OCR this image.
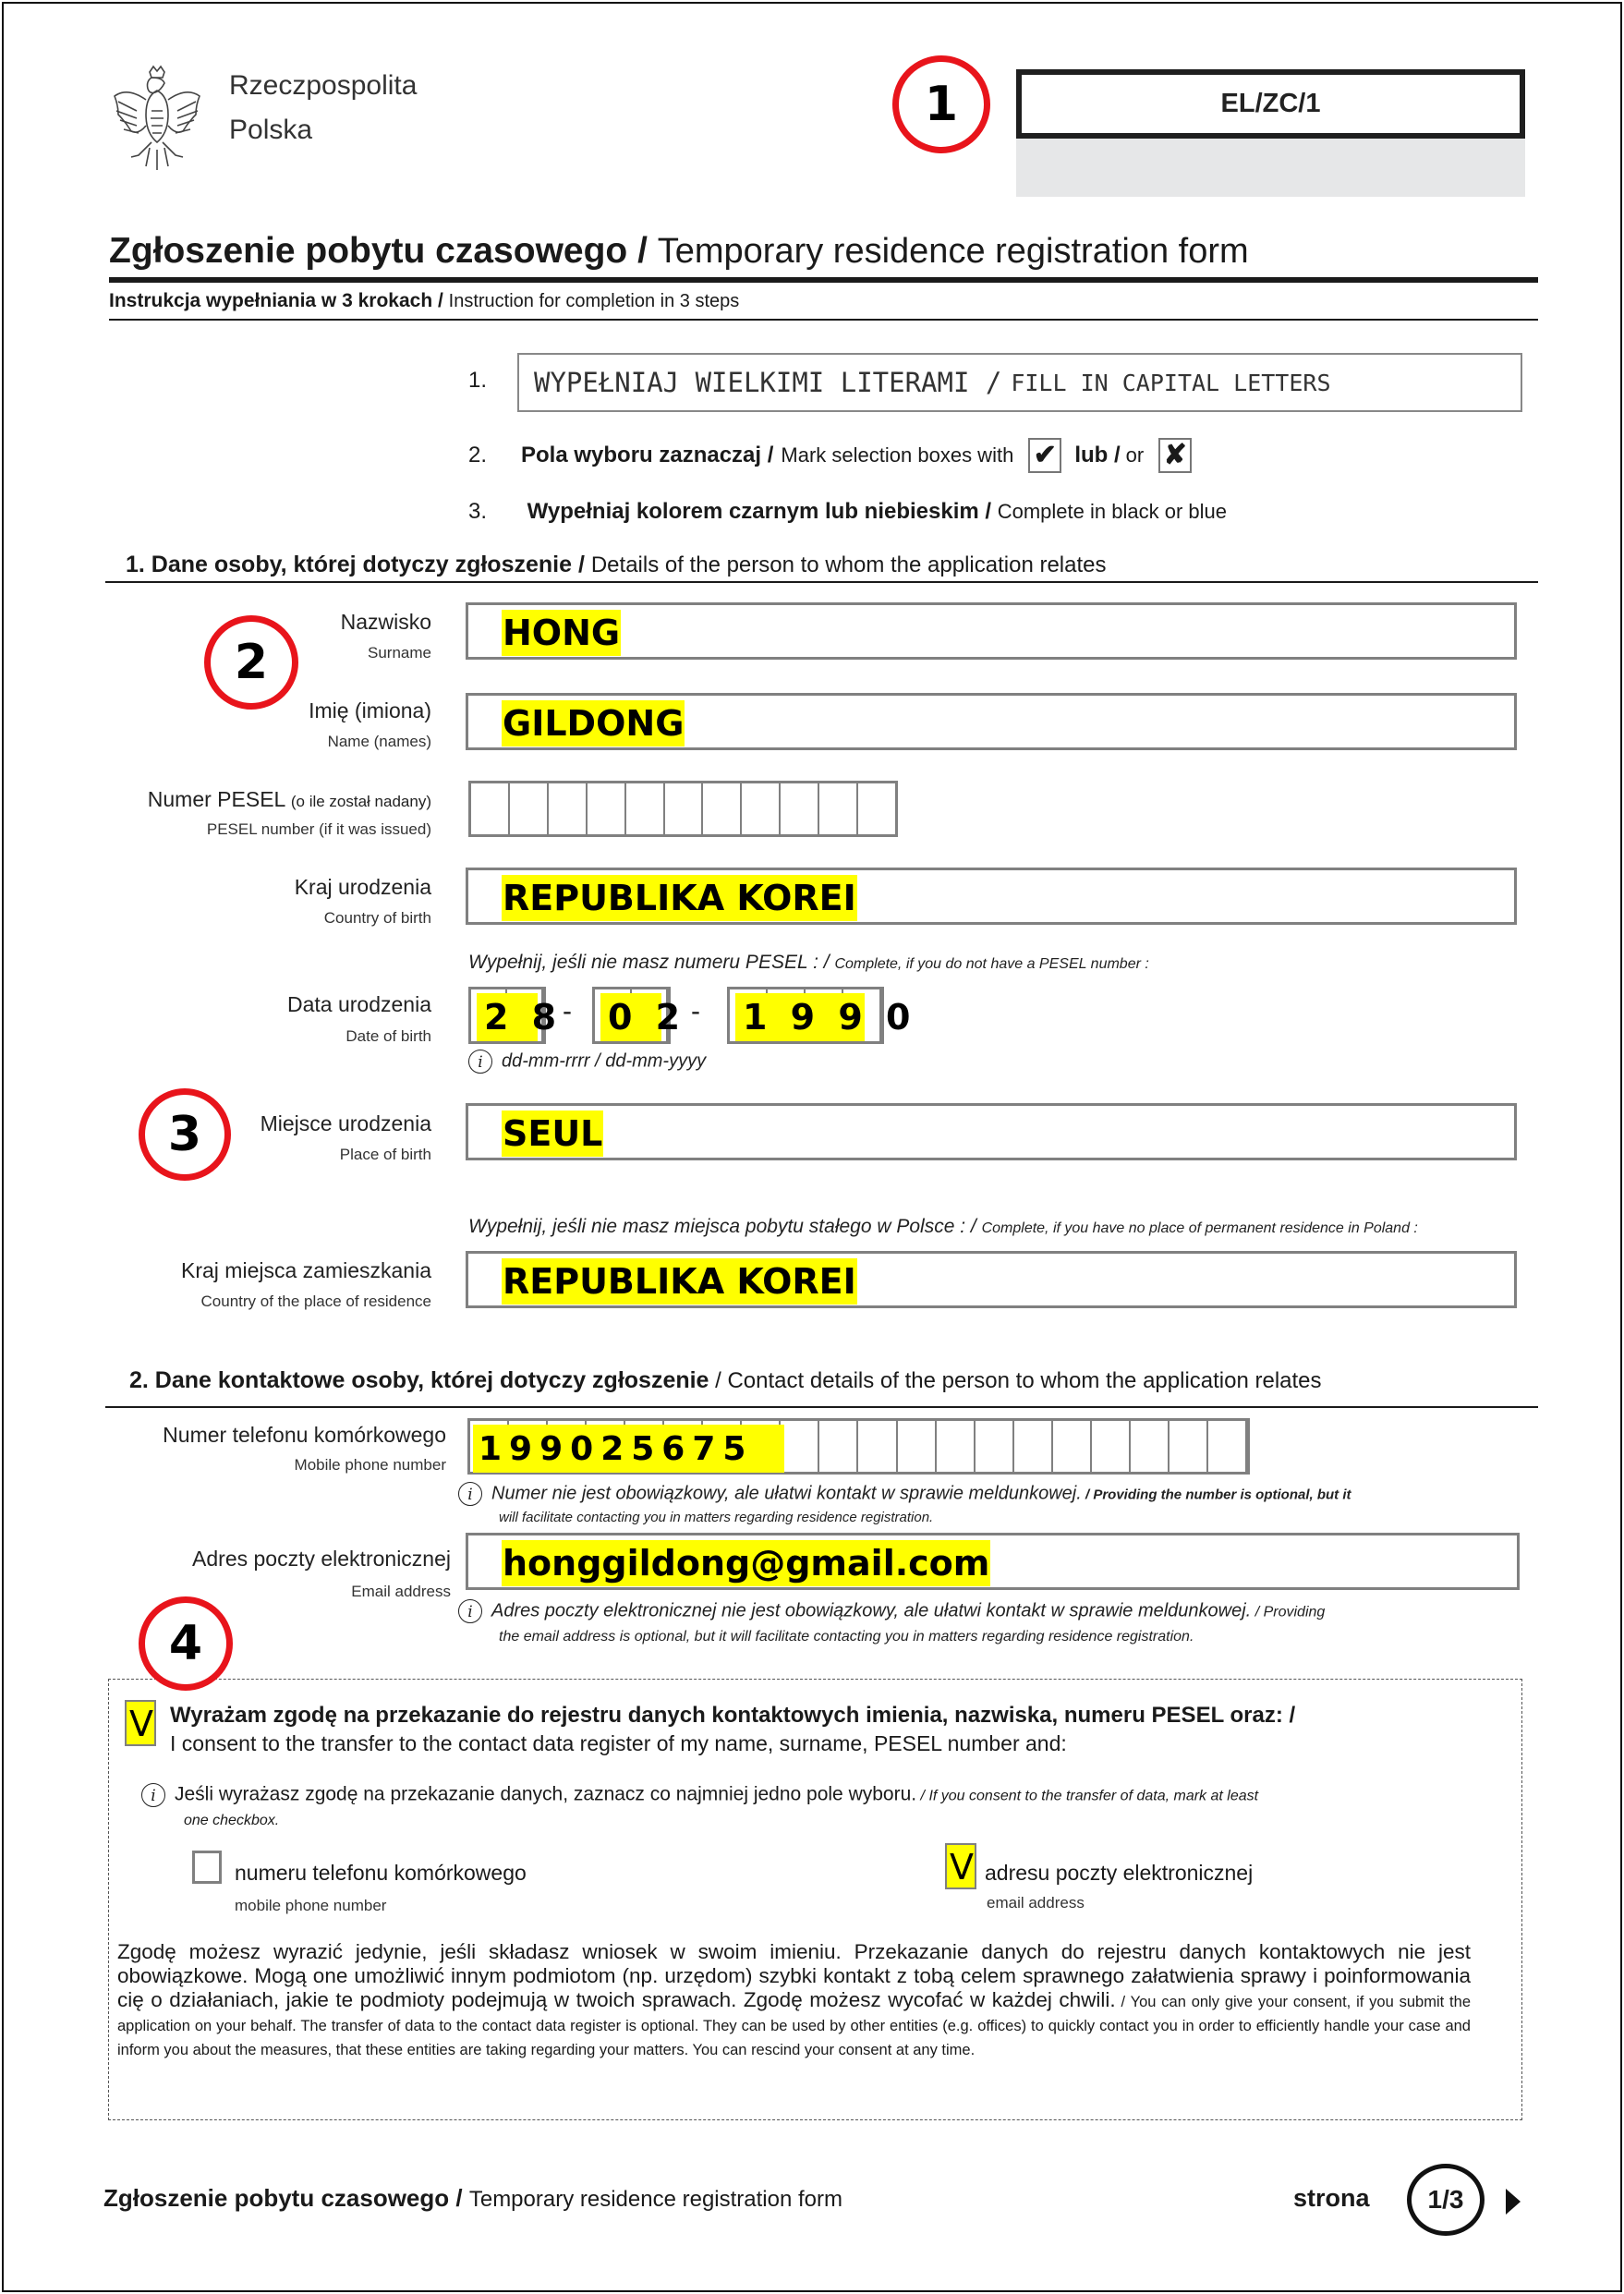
Rzeczpospolita
Polska	1	EL/ZC/1
Zgłoszenie pobytu czasowego / Temporary residence registration form
Instrukcja wypełniania w 3 krokach / Instruction for completion in 3 steps
1. WYPEŁNIAJ WIELKIMI LITERAMI / FILL IN CAPITAL LETTERS
2.	Pola wyboru zaznaczaj / Mark selection boxes with ✔ lub / or ✘
3. Wypełniaj kolorem czarnym lub niebieskim / Complete in black or blue
1. Dane osoby, której dotyczy zgłoszenie / Details of the person to whom the application relates
2
Nazwisko
Surname HONG
Imię (imiona)
Name (names) GILDONG
Numer PESEL (o ile został nadany)
PESEL number (if it was issued)
Kraj urodzenia
Country of birth REPUBLIKA KOREI
Wypełnij, jeśli nie masz numeru PESEL : / Complete, if you do not have a PESEL number :
Data urodzenia
Date of birth 2 8 - 0 2 - 1 9 9 0
i dd-mm-rrrr / dd-mm-yyyy
3	Miejsce urodzenia
Place of birth
SEUL
Wypełnij, jeśli nie masz miejsca pobytu stałego w Polsce : / Complete, if you have no place of permanent residence in Poland :
Kraj miejsca zamieszkania
Country of the place of residence REPUBLIKA KOREI
2. Dane kontaktowe osoby, której dotyczy zgłoszenie / Contact details of the person to whom the application relates
Numer telefonu komórkowego
Mobile phone number 199025675
i Numer nie jest obowiązkowy, ale ułatwi kontakt w sprawie meldunkowej. / Providing the number is optional, but it
will facilitate contacting you in matters regarding residence registration.
Adres poczty elektronicznej
Email address
honggildong@gmail.com
i Adres poczty elektronicznej nie jest obowiązkowy, ale ułatwi kontakt w sprawie meldunkowej. / Providing
the email address is optional, but it will facilitate contacting you in matters regarding residence registration.
4
V Wyrażam zgodę na przekazanie do rejestru danych kontaktowych imienia, nazwiska, numeru PESEL oraz: /
I consent to the transfer to the contact data register of my name, surname, PESEL number and:
i Jeśli wyrażasz zgodę na przekazanie danych, zaznacz co najmniej jedno pole wyboru. / If you consent to the transfer of data, mark at least
one checkbox.
numeru telefonu komórkowego
mobile phone number
V adresu poczty elektronicznej
email address
Zgodę możesz wyrazić jedynie, jeśli składasz wniosek w swoim imieniu. Przekazanie danych do rejestru danych kontaktowych nie jest obowiązkowe. Mogą one umożliwić innym podmiotom (np. urzędom) szybki kontakt z tobą celem sprawnego załatwienia sprawy i poinformowania cię o działaniach, jakie te podmioty podejmują w twoich sprawach. Zgodę możesz wycofać w każdej chwili. / You can only give your consent, if you submit the application on your behalf. The transfer of data to the contact data register is optional. They can be used by other entities (e.g. offices) to quickly contact you in order to efficiently handle your case and inform you about the measures, that these entities are taking regarding your matters. You can rescind your consent at any time.
Zgłoszenie pobytu czasowego / Temporary residence registration form	strona 1/3
